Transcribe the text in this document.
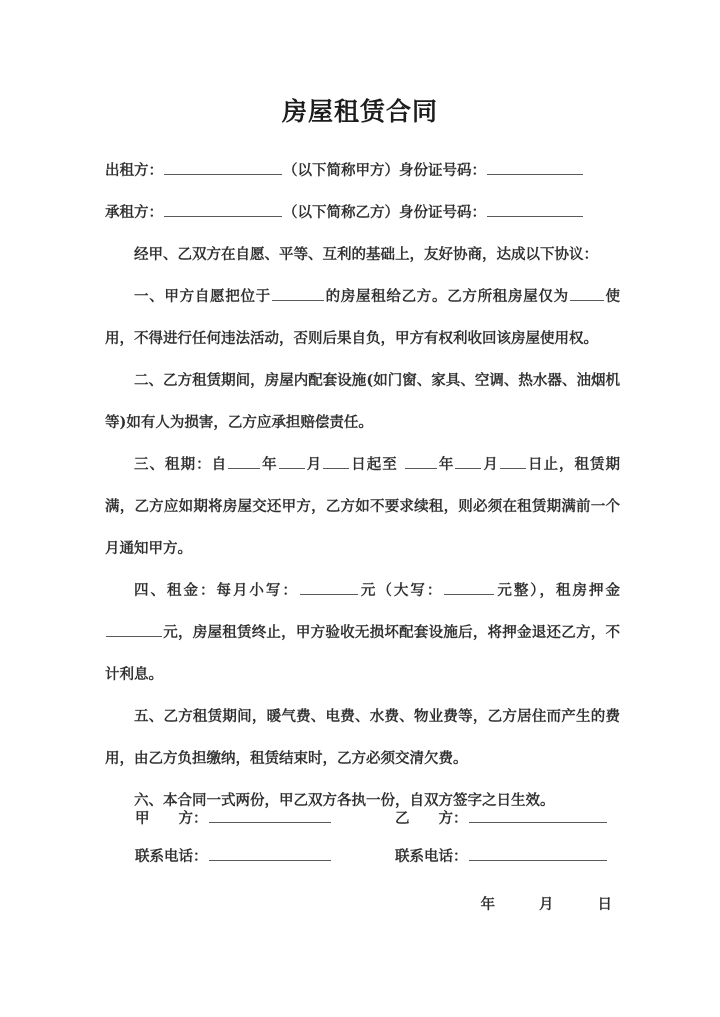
房屋租赁合同
出租方：	（以下简称甲方）身份证号码：
承租方：	（以下简称乙方）身份证号码：
经甲、乙双方在自愿、平等、互利的基础上，友好协商，达成以下协议：
一、甲方自愿把位于	的房屋租给乙方。乙方所租房屋仅为 使用，不得进行任何违法活动，否则后果自负，甲方有权利收回该房屋使用权。
二、乙方租赁期间，房屋内配套设施(如门窗、家具、空调、热水器、油烟机等)如有人为损害，乙方应承担赔偿责任。
三、租期：自 年 月 日起至 年 月 日止，租赁期满，乙方应如期将房屋交还甲方，乙方如不要求续租，则必须在租赁期满前一个月通知甲方。
四、租金：每月小写：	元（大写：	元整），租房押金元，房屋租赁终止，甲方验收无损坏配套设施后，将押金退还乙方，不计利息。
五、乙方租赁期间，暖气费、电费、水费、物业费等，乙方居住而产生的费用，由乙方负担缴纳，租赁结束时，乙方必须交清欠费。
六、本合同一式两份，甲乙双方各执一份，自双方签字之日生效。
甲　　方：	乙　　方：
联系电话：	联系电话：
年	月	日
